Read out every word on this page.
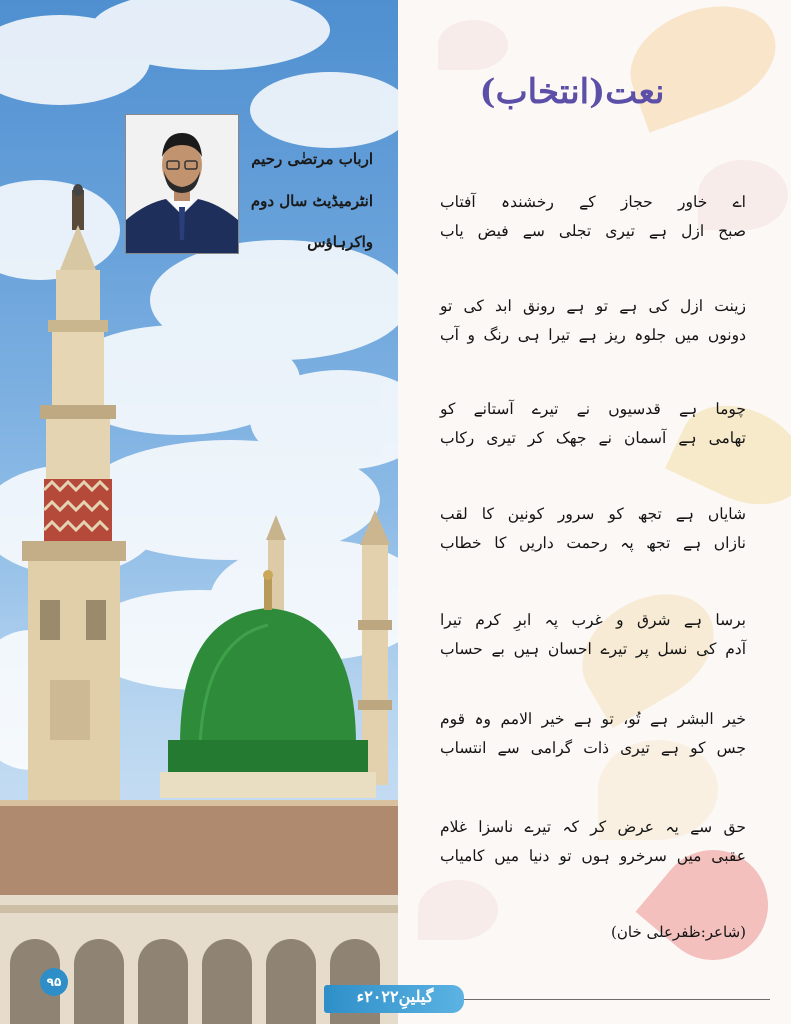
ارباب مرتضٰی رحیم
انٹرمیڈیٹ سال دوم
واکرہاؤس
نعت(انتخاب)
اے خاور حجاز کے رخشندہ آفتاب
صبح ازل ہے تیری تجلی سے فیض یاب
زینت ازل کی ہے تو ہے رونق ابد کی تو
دونوں میں جلوہ ریز ہے تیرا ہی رنگ و آب
چوما ہے قدسیوں نے تیرے آستانے کو
تھامی ہے آسمان نے جھک کر تیری رکاب
شایاں ہے تجھ کو سرور کونین کا لقب
نازاں ہے تجھ پہ رحمت داریں کا خطاب
برسا ہے شرق و غرب پہ ابرِ کرم تیرا
آدم کی نسل پر تیرے احسان ہیں بے حساب
خیر البشر ہے تُو، تو ہے خیر الامم وہ قوم
جس کو ہے تیری ذات گرامی سے انتساب
حق سے یہ عرض کر کہ تیرے ناسزا غلام
عقبی میں سرخرو ہوں تو دنیا میں کامیاب
(شاعر:ظفرعلی خان)
گیلینِ۲۰۲۲ء
۹۵
